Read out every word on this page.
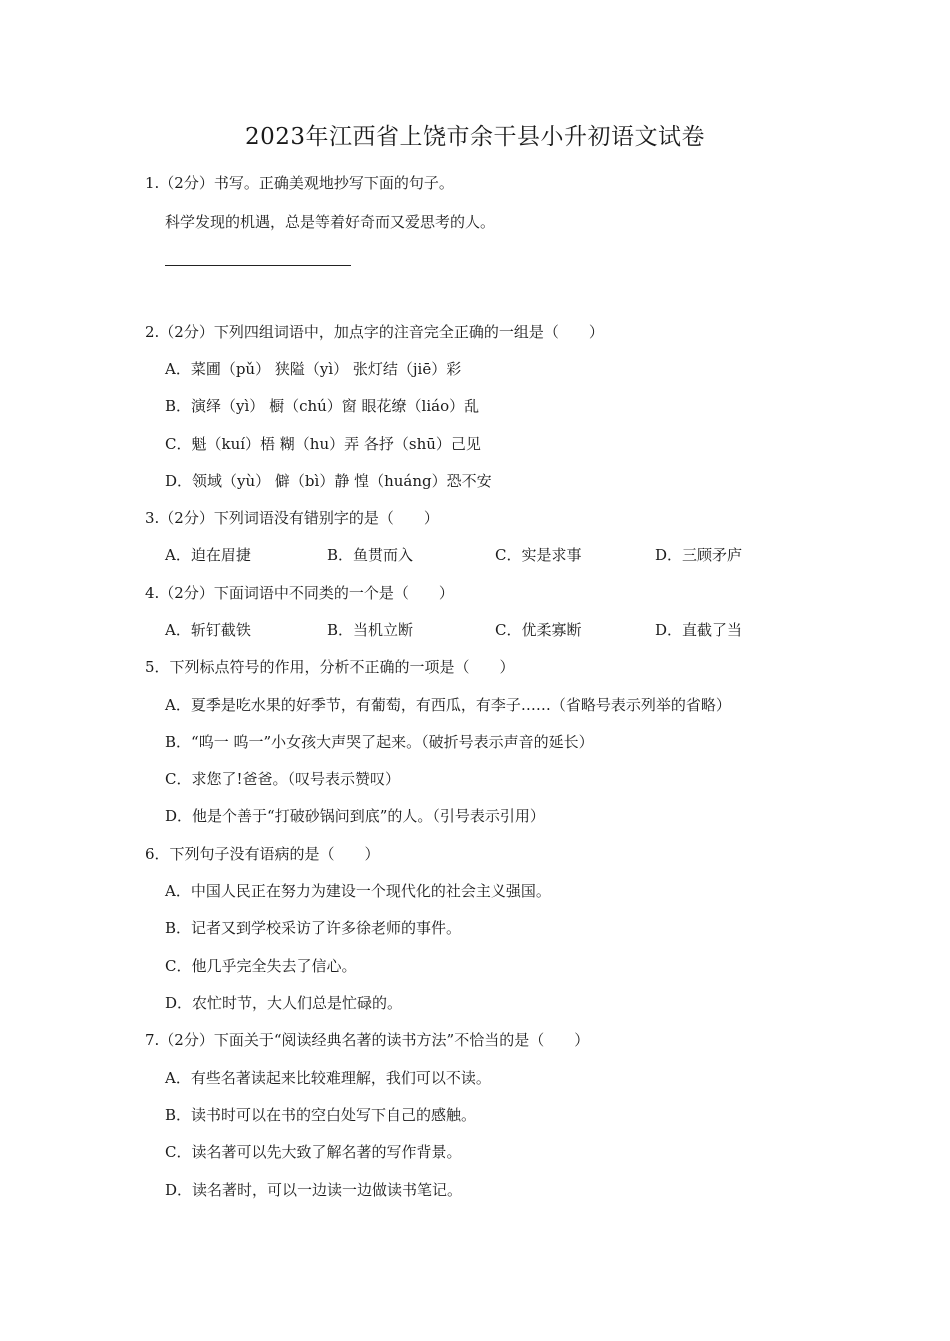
2023年江西省上饶市余干县小升初语文试卷
1.（2分）书写。正确美观地抄写下面的句子。
科学发现的机遇，总是等着好奇而又爱思考的人。
2.（2分）下列四组词语中，加点字的注音完全正确的一组是（　　）
A．菜圃（pǔ） 狭隘（yì） 张灯结（jiē）彩
B．演绎（yì） 橱（chú）窗 眼花缭（liáo）乱
C．魁（kuí）梧 糊（hu）弄 各抒（shū）己见
D．领域（yù） 僻（bì）静 惶（huáng）恐不安
3.（2分）下列词语没有错别字的是（　　）
A．迫在眉捷	B．鱼贯而入	C．实是求事	D．三顾矛庐
4.（2分）下面词语中不同类的一个是（　　）
A．斩钉截铁	B．当机立断	C．优柔寡断	D．直截了当
5．下列标点符号的作用，分析不正确的一项是（　　）
A．夏季是吃水果的好季节，有葡萄，有西瓜，有李子……（省略号表示列举的省略）
B．“呜一 呜一”小女孩大声哭了起来。（破折号表示声音的延长）
C．求您了!爸爸。（叹号表示赞叹）
D．他是个善于“打破砂锅问到底”的人。（引号表示引用）
6．下列句子没有语病的是（　　）
A．中国人民正在努力为建设一个现代化的社会主义强国。
B．记者又到学校采访了许多徐老师的事件。
C．他几乎完全失去了信心。
D．农忙时节，大人们总是忙碌的。
7.（2分）下面关于“阅读经典名著的读书方法”不恰当的是（　　）
A．有些名著读起来比较难理解，我们可以不读。
B．读书时可以在书的空白处写下自己的感触。
C．读名著可以先大致了解名著的写作背景。
D．读名著时，可以一边读一边做读书笔记。
